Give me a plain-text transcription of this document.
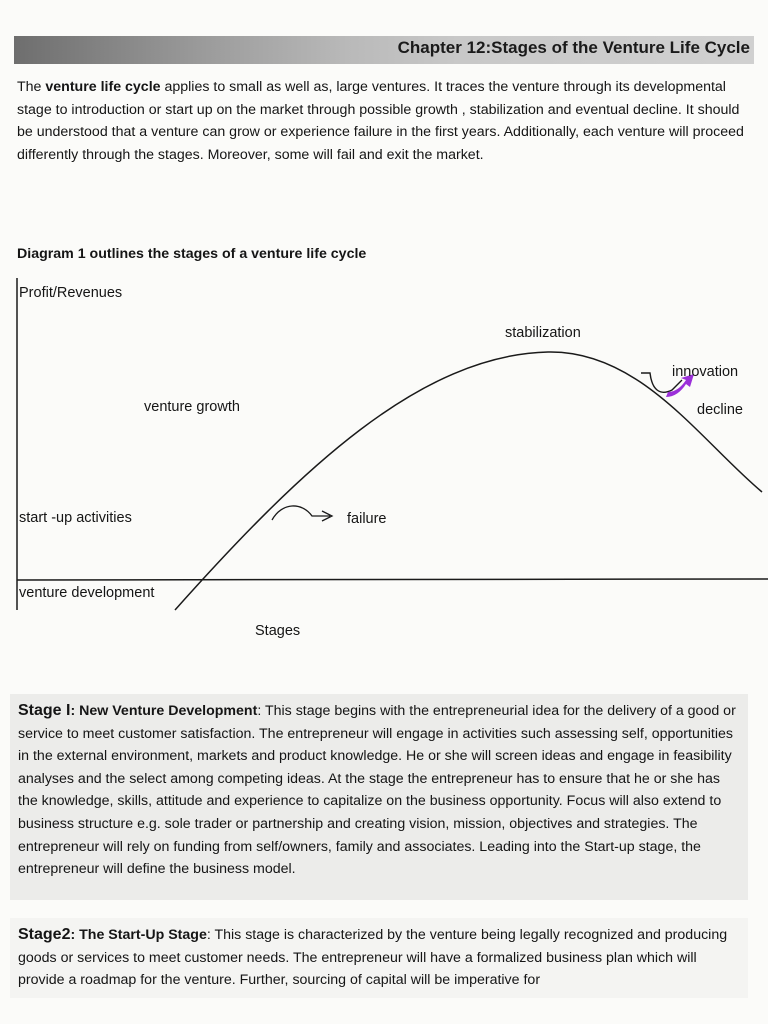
Chapter 12:Stages of the Venture Life Cycle

The venture life cycle applies to small as well as, large ventures. It traces the venture through its developmental stage to introduction or start up on the market through possible growth , stabilization and eventual decline. It should be understood that a venture can grow or experience failure in the first years. Additionally, each venture will proceed differently through the stages. Moreover, some will fail and exit the market.

Diagram 1 outlines the stages of a venture life cycle

Profit/Revenues
stabilization
innovation
decline
venture growth
start -up activities	failure
venture development
Stages

Stage I: New Venture Development: This stage begins with the entrepreneurial idea for the delivery of a good or service to meet customer satisfaction. The entrepreneur will engage in activities such assessing self, opportunities in the external environment, markets and product knowledge. He or she will screen ideas and engage in feasibility analyses and the select among competing ideas. At the stage the entrepreneur has to ensure that he or she has the knowledge, skills, attitude and experience to capitalize on the business opportunity. Focus will also extend to business structure e.g. sole trader or partnership and creating vision, mission, objectives and strategies. The entrepreneur will rely on funding from self/owners, family and associates. Leading into the Start-up stage, the entrepreneur will define the business model.

Stage2: The Start-Up Stage: This stage is characterized by the venture being legally recognized and producing goods or services to meet customer needs. The entrepreneur will have a formalized business plan which will provide a roadmap for the venture. Further, sourcing of capital will be imperative for
